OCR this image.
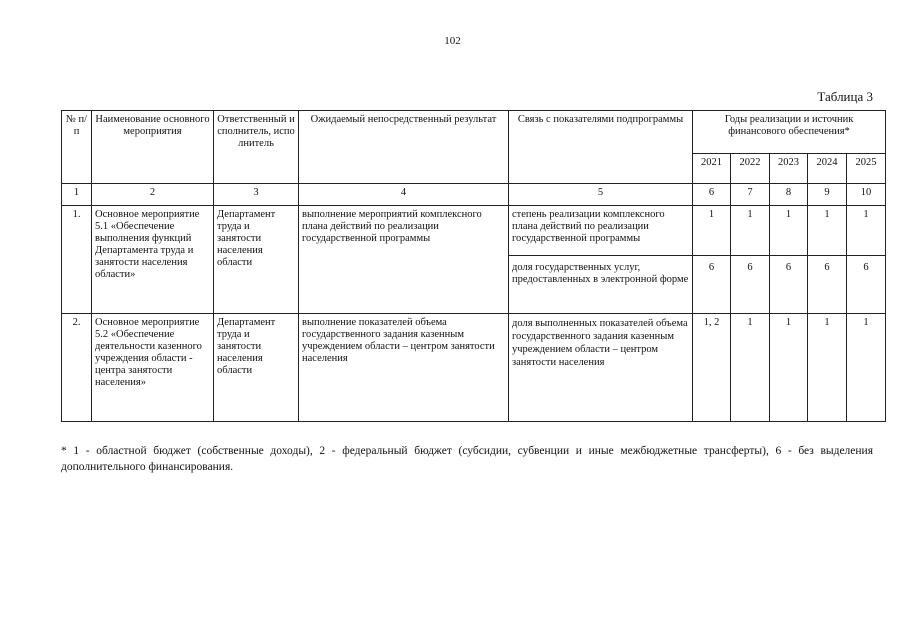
102
Таблица 3
№ п/п	Наименование основного мероприятия	Ответственный исполнитель, исполнитель	Ожидаемый непосредственный результат	Связь с показателями подпрограммы	Годы реализации и источник финансового обеспечения*				
					2021	2022	2023	2024	2025
1	2	3	4	5	6	7	8	9	10
1.	Основное мероприятие 5.1 «Обеспечение выполнения функций Департамента труда и занятости населения области»	Департамент труда и занятости населения области	выполнение мероприятий комплексного плана действий по реализации государственной программы	степень реализации комплексного плана действий по реализации государственной программы	1	1	1	1	1
				доля государственных услуг, предоставленных в электронной форме	6	6	6	6	6
2.	Основное мероприятие 5.2 «Обеспечение деятельности казенного учреждения области - центра занятости населения»	Департамент труда и занятости населения области	выполнение показателей объема государственного задания казенным учреждением области – центром занятости населения	доля выполненных показателей объема государственного задания казенным учреждением области – центром занятости населения	1, 2	1	1	1	1
* 1 - областной бюджет (собственные доходы), 2 - федеральный бюджет (субсидии, субвенции и иные межбюджетные трансферты), 6 - без выделения дополнительного финансирования.
